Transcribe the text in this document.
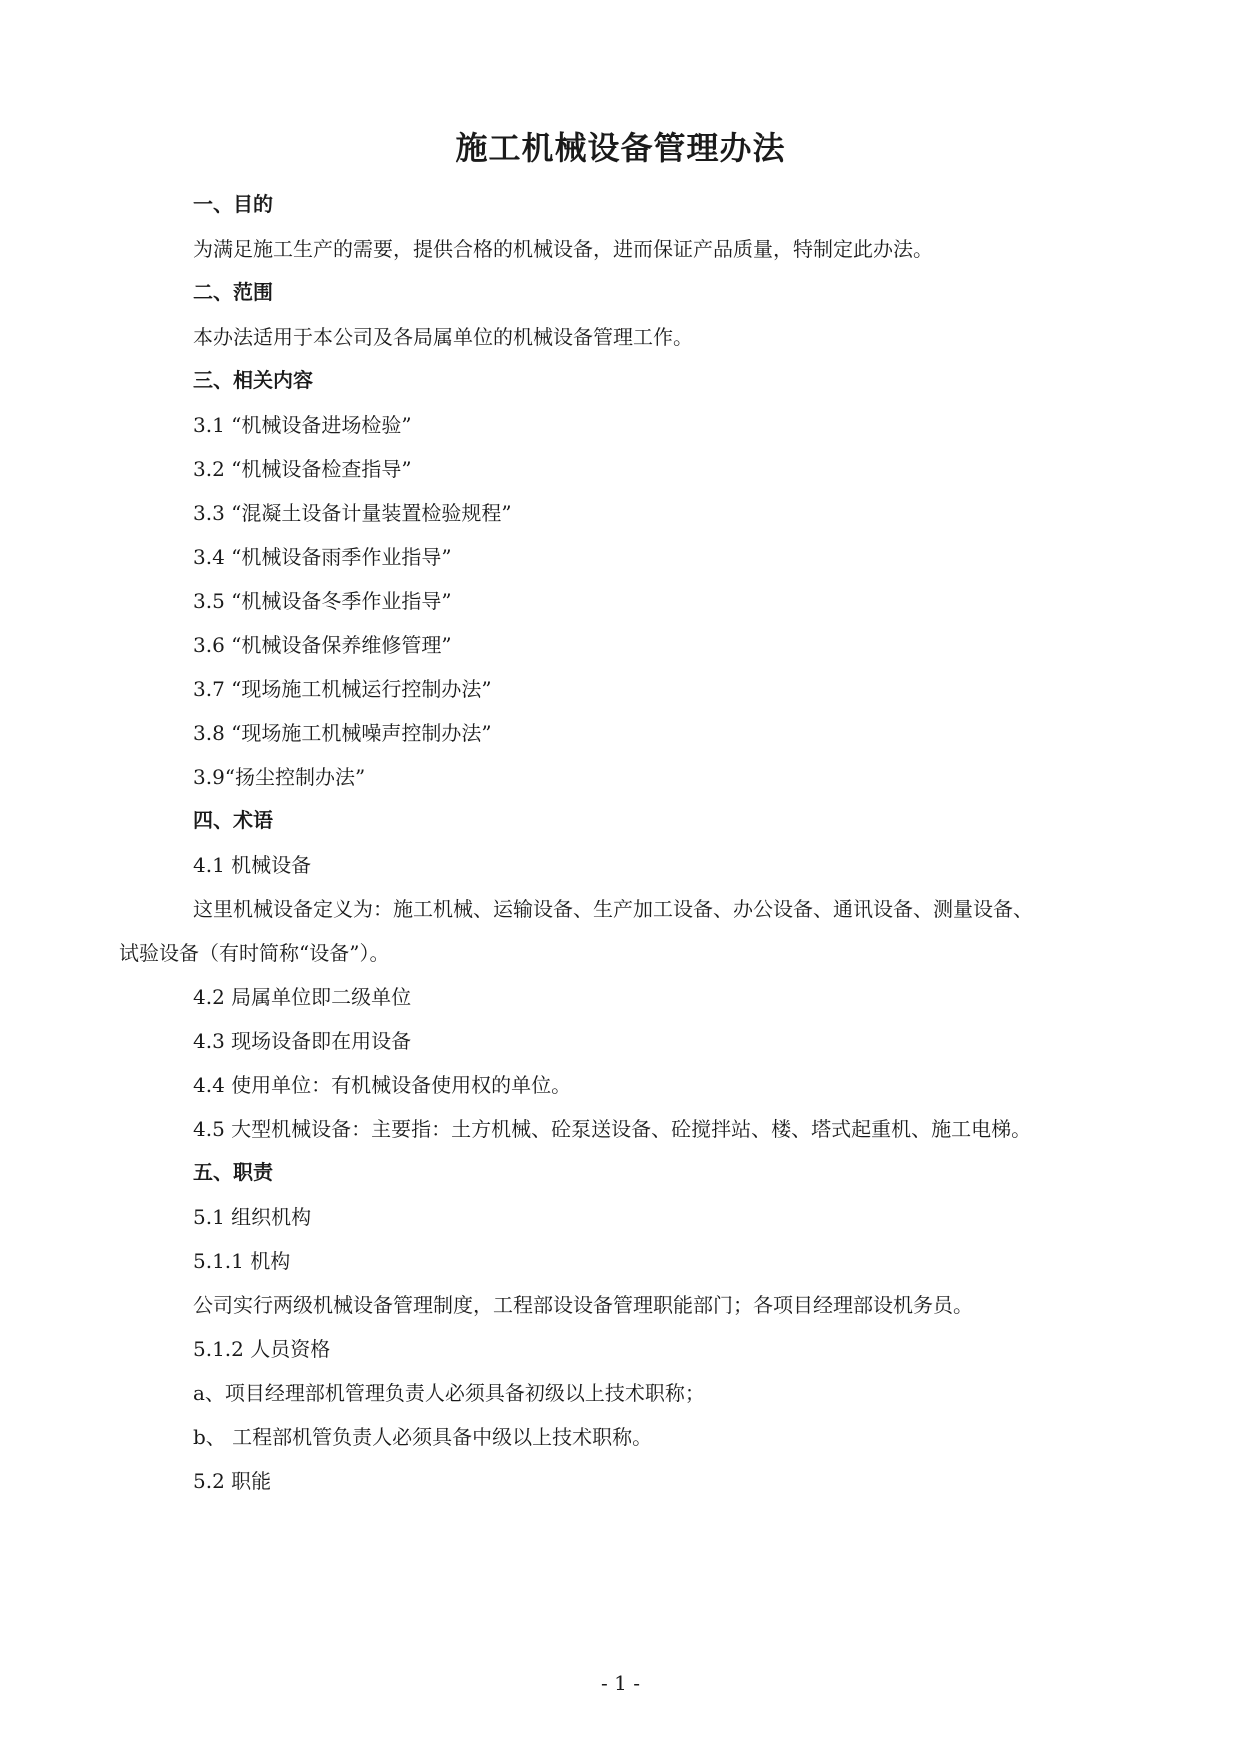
施工机械设备管理办法

一、目的

为满足施工生产的需要，提供合格的机械设备，进而保证产品质量，特制定此办法。

二、范围

本办法适用于本公司及各局属单位的机械设备管理工作。

三、相关内容

3.1 “机械设备进场检验”

3.2 “机械设备检查指导”

3.3 “混凝土设备计量装置检验规程”

3.4 “机械设备雨季作业指导”

3.5 “机械设备冬季作业指导”

3.6 “机械设备保养维修管理”

3.7 “现场施工机械运行控制办法”

3.8 “现场施工机械噪声控制办法”

3.9“扬尘控制办法”

四、术语

4.1 机械设备

这里机械设备定义为：施工机械、运输设备、生产加工设备、办公设备、通讯设备、测量设备、

试验设备（有时简称“设备”）。

4.2 局属单位即二级单位

4.3 现场设备即在用设备

4.4 使用单位：有机械设备使用权的单位。

4.5 大型机械设备：主要指：土方机械、砼泵送设备、砼搅拌站、楼、塔式起重机、施工电梯。

五、职责

5.1 组织机构

5.1.1 机构

公司实行两级机械设备管理制度，工程部设设备管理职能部门；各项目经理部设机务员。

5.1.2 人员资格

a、项目经理部机管理负责人必须具备初级以上技术职称；

b、 工程部机管负责人必须具备中级以上技术职称。

5.2 职能

- 1 -
